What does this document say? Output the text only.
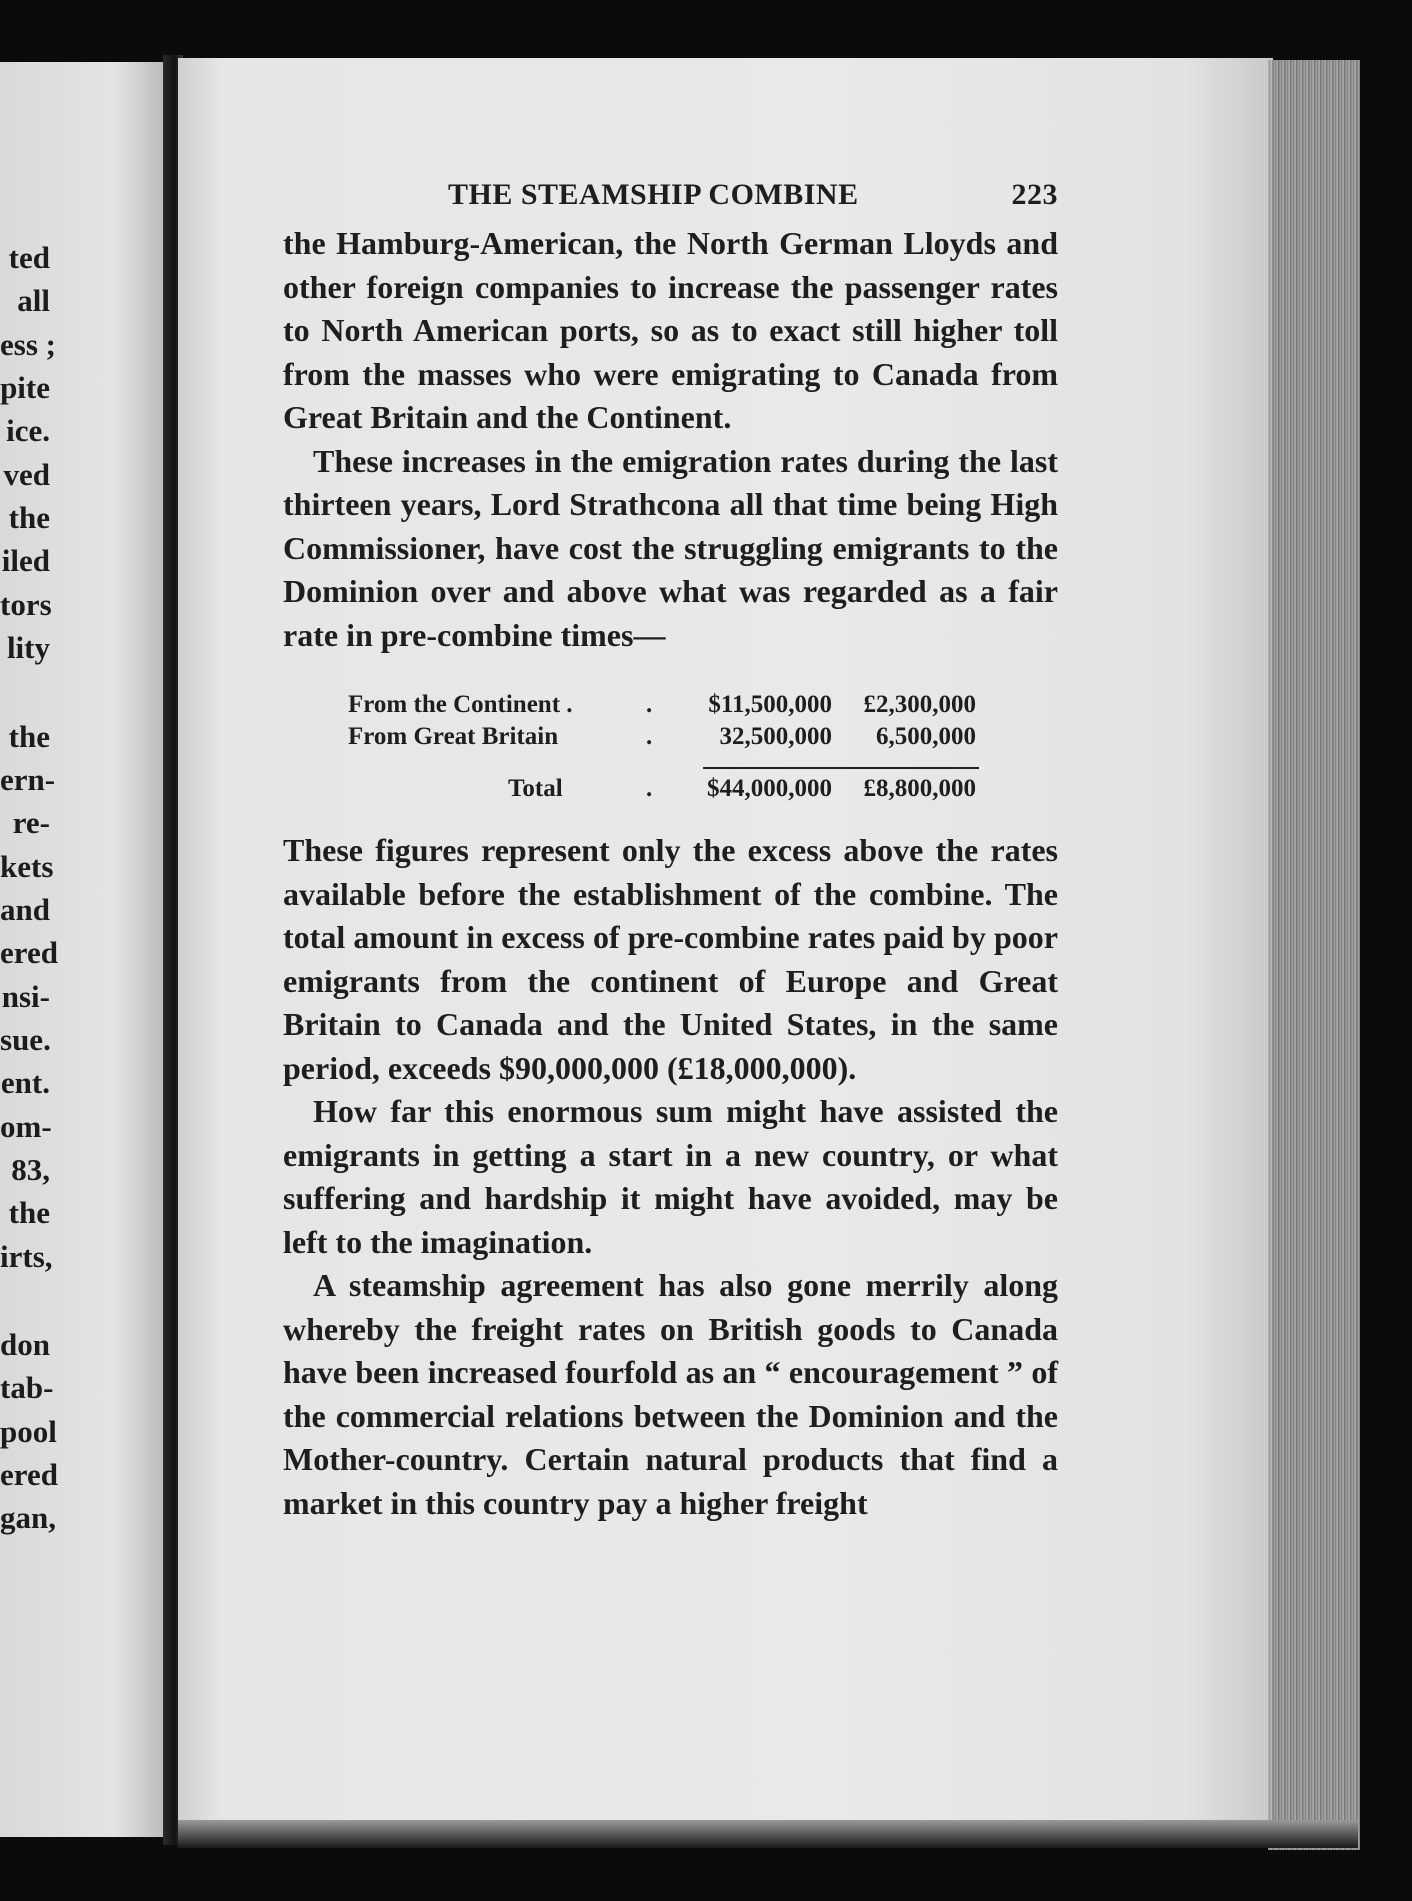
ted
all
ess ;
pite
ice.
ved
the
iled
tors
lity
the
ern-
re-
kets
and
ered
nsi-
sue.
ent.
om-
83,
the
irts,
don
tab-
pool
ered
gan,
THE STEAMSHIP COMBINE	223

the Hamburg-American, the North German Lloyds and other foreign companies to increase the passenger rates to North American ports, so as to exact still higher toll from the masses who were emigrating to Canada from Great Britain and the Continent.

These increases in the emigration rates during the last thirteen years, Lord Strathcona all that time being High Commissioner, have cost the struggling emigrants to the Dominion over and above what was regarded as a fair rate in pre-combine times—

From the Continent .	. $11,500,000 £2,300,000
From Great Britain	.	32,500,000 6,500,000
Total	. $44,000,000 £8,800,000

These figures represent only the excess above the rates available before the establishment of the combine. The total amount in excess of pre-combine rates paid by poor emigrants from the continent of Europe and Great Britain to Canada and the United States, in the same period, exceeds $90,000,000 (£18,000,000).

How far this enormous sum might have assisted the emigrants in getting a start in a new country, or what suffering and hardship it might have avoided, may be left to the imagination.

A steamship agreement has also gone merrily along whereby the freight rates on British goods to Canada have been increased fourfold as an “ encouragement ” of the commercial relations between the Dominion and the Mother-country. Certain natural products that find a market in this country pay a higher freight
